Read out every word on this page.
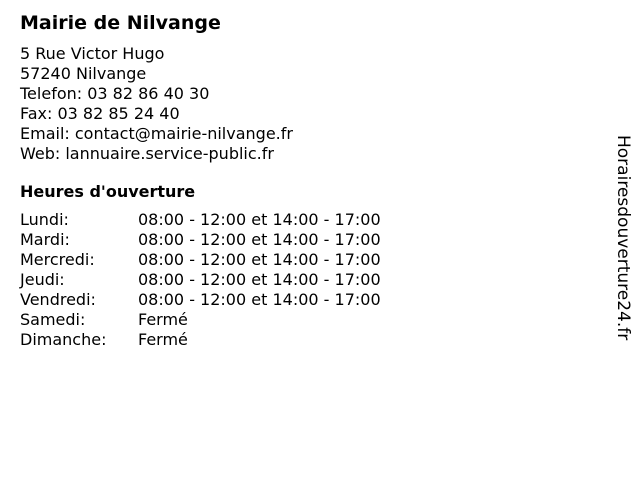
Mairie de Nilvange
5 Rue Victor Hugo
57240 Nilvange
Telefon: 03 82 86 40 30
Fax: 03 82 85 24 40
Email: contact@mairie-nilvange.fr
Web: lannuaire.service-public.fr
Heures d'ouverture
Lundi:	08:00 - 12:00 et 14:00 - 17:00
Mardi:	08:00 - 12:00 et 14:00 - 17:00
Mercredi:	08:00 - 12:00 et 14:00 - 17:00
Jeudi:	08:00 - 12:00 et 14:00 - 17:00
Vendredi:	08:00 - 12:00 et 14:00 - 17:00
Samedi:	Fermé
Dimanche:	Fermé	Horairesdouverture24.fr
